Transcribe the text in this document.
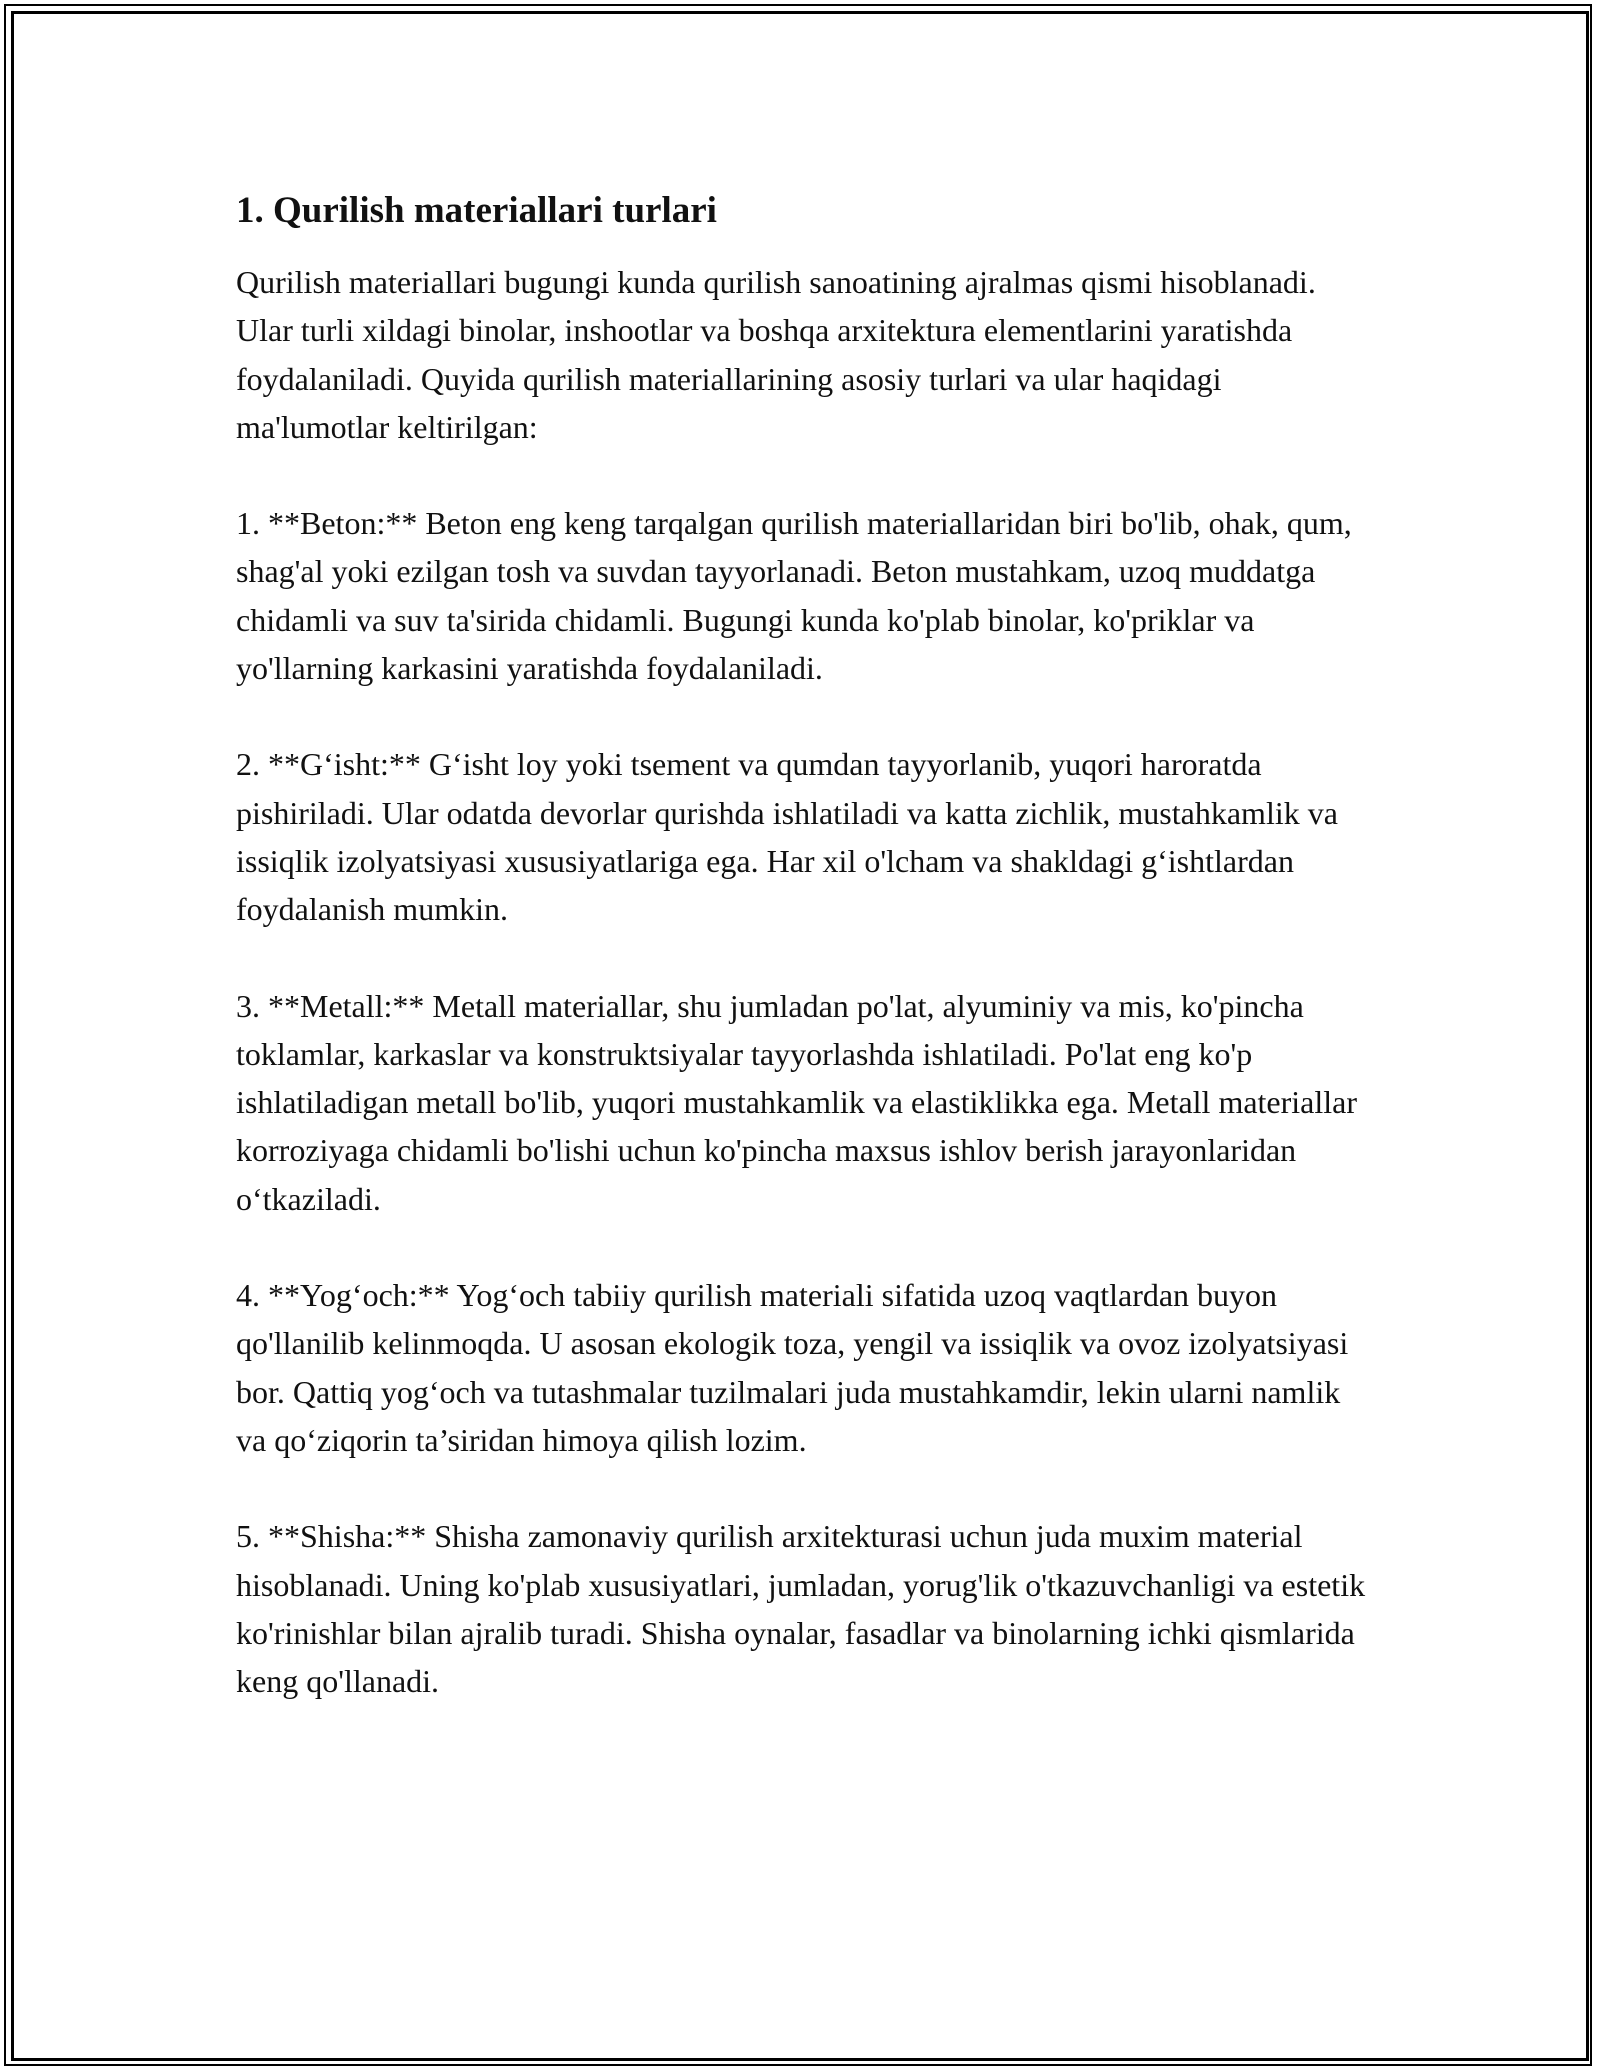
1. Qurilish materiallari turlari

Qurilish materiallari bugungi kunda qurilish sanoatining ajralmas qismi hisoblanadi. Ular turli xildagi binolar, inshootlar va boshqa arxitektura elementlarini yaratishda foydalaniladi. Quyida qurilish materiallarining asosiy turlari va ular haqidagi ma'lumotlar keltirilgan:

1. **Beton:** Beton eng keng tarqalgan qurilish materiallaridan biri bo'lib, ohak, qum, shag'al yoki ezilgan tosh va suvdan tayyorlanadi. Beton mustahkam, uzoq muddatga chidamli va suv ta'sirida chidamli. Bugungi kunda ko'plab binolar, ko'priklar va yo'llarning karkasini yaratishda foydalaniladi.

2. **G‘isht:** G‘isht loy yoki tsement va qumdan tayyorlanib, yuqori haroratda pishiriladi. Ular odatda devorlar qurishda ishlatiladi va katta zichlik, mustahkamlik va issiqlik izolyatsiyasi xususiyatlariga ega. Har xil o'lcham va shakldagi g‘ishtlardan foydalanish mumkin.

3. **Metall:** Metall materiallar, shu jumladan po'lat, alyuminiy va mis, ko'pincha toklamlar, karkaslar va konstruktsiyalar tayyorlashda ishlatiladi. Po'lat eng ko'p ishlatiladigan metall bo'lib, yuqori mustahkamlik va elastiklikka ega. Metall materiallar korroziyaga chidamli bo'lishi uchun ko'pincha maxsus ishlov berish jarayonlaridan o‘tkaziladi.

4. **Yog‘och:** Yog‘och tabiiy qurilish materiali sifatida uzoq vaqtlardan buyon qo'llanilib kelinmoqda. U asosan ekologik toza, yengil va issiqlik va ovoz izolyatsiyasi bor. Qattiq yog‘och va tutashmalar tuzilmalari juda mustahkamdir, lekin ularni namlik va qo‘ziqorin ta’siridan himoya qilish lozim.

5. **Shisha:** Shisha zamonaviy qurilish arxitekturasi uchun juda muxim material hisoblanadi. Uning ko'plab xususiyatlari, jumladan, yorug'lik o'tkazuvchanligi va estetik ko'rinishlar bilan ajralib turadi. Shisha oynalar, fasadlar va binolarning ichki qismlarida keng qo'llanadi.
